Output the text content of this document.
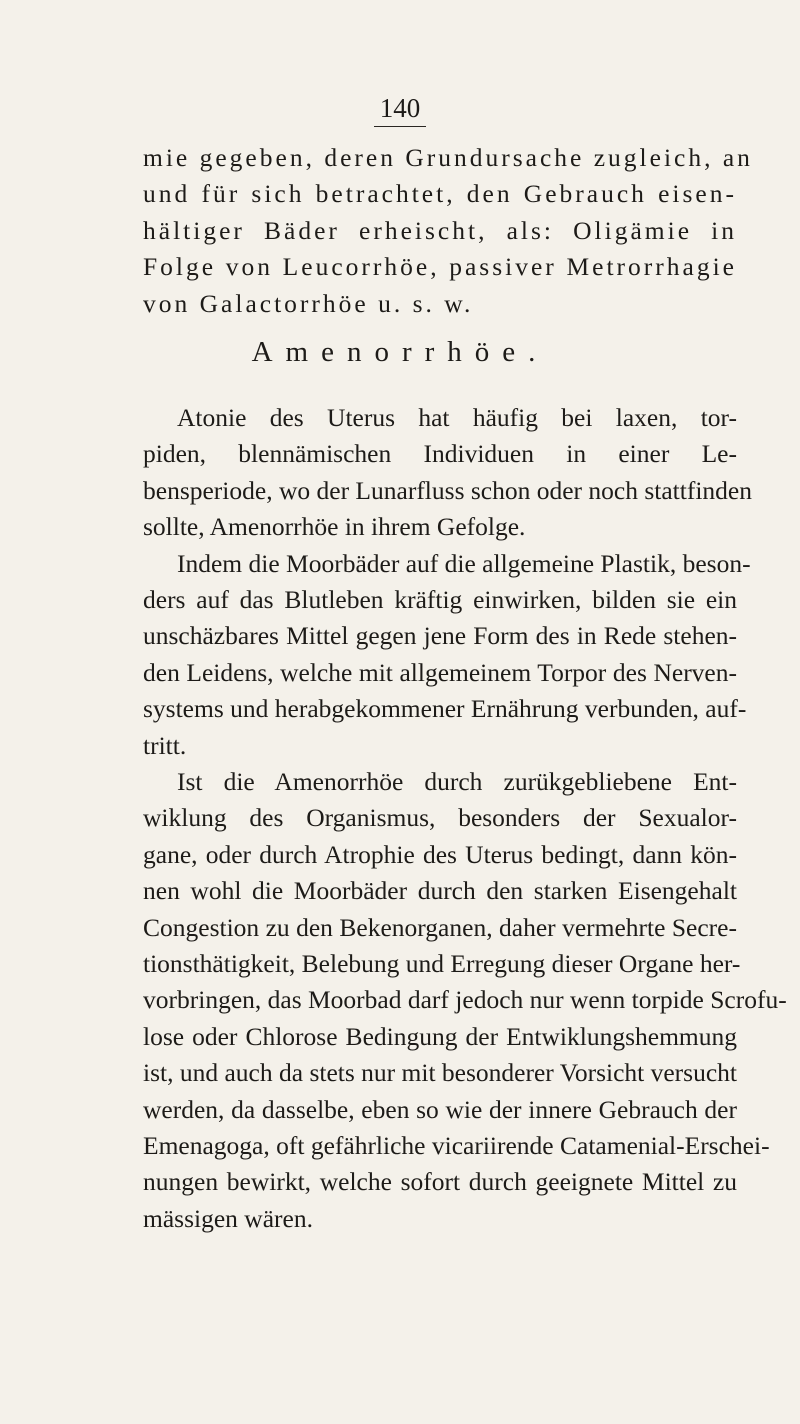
140
mie gegeben, deren Grundursache zugleich, an
und für sich betrachtet, den Gebrauch eisen-
hältiger Bäder erheischt, als: Oligämie in
Folge von Leucorrhöe, passiver Metrorrhagie
von Galactorrhöe u. s. w.
Amenorrhöe.
Atonie des Uterus hat häufig bei laxen, tor-
piden, blennämischen Individuen in einer Le-
bensperiode, wo der Lunarfluss schon oder noch stattfinden
sollte, Amenorrhöe in ihrem Gefolge.
Indem die Moorbäder auf die allgemeine Plastik, beson-
ders auf das Blutleben kräftig einwirken, bilden sie ein
unschäzbares Mittel gegen jene Form des in Rede stehen-
den Leidens, welche mit allgemeinem Torpor des Nerven-
systems und herabgekommener Ernährung verbunden, auf-
tritt.
Ist die Amenorrhöe durch zurükgebliebene Ent-
wiklung des Organismus, besonders der Sexualor-
gane, oder durch Atrophie des Uterus bedingt, dann kön-
nen wohl die Moorbäder durch den starken Eisengehalt
Congestion zu den Bekenorganen, daher vermehrte Secre-
tionsthätigkeit, Belebung und Erregung dieser Organe her-
vorbringen, das Moorbad darf jedoch nur wenn torpide Scrofu-
lose oder Chlorose Bedingung der Entwiklungshemmung
ist, und auch da stets nur mit besonderer Vorsicht versucht
werden, da dasselbe, eben so wie der innere Gebrauch der
Emenagoga, oft gefährliche vicariirende Catamenial-Erschei-
nungen bewirkt, welche sofort durch geeignete Mittel zu
mässigen wären.
